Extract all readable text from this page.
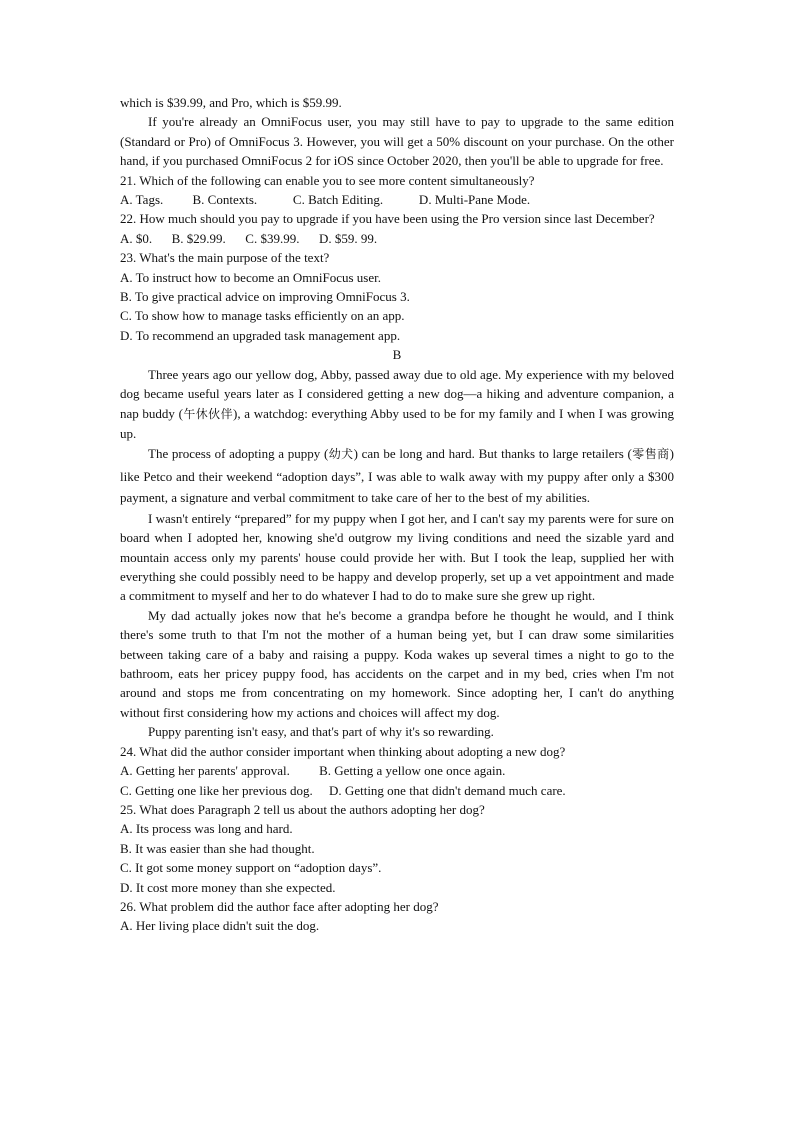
which is $39.99, and Pro, which is $59.99.

If you're already an OmniFocus user, you may still have to pay to upgrade to the same edition (Standard or Pro) of OmniFocus 3. However, you will get a 50% discount on your purchase. On the other hand, if you purchased OmniFocus 2 for iOS since October 2020, then you'll be able to upgrade for free.

21. Which of the following can enable you to see more content simultaneously?

A. Tags.         B. Contexts.           C. Batch Editing.           D. Multi-Pane Mode.

22. How much should you pay to upgrade if you have been using the Pro version since last December?

A. $0.      B. $29.99.      C. $39.99.      D. $59. 99.

23. What's the main purpose of the text?

A. To instruct how to become an OmniFocus user.

B. To give practical advice on improving OmniFocus 3.

C. To show how to manage tasks efficiently on an app.

D. To recommend an upgraded task management app.

B

Three years ago our yellow dog, Abby, passed away due to old age. My experience with my beloved dog became useful years later as I considered getting a new dog—a hiking and adventure companion, a nap buddy (午休伙伴), a watchdog: everything Abby used to be for my family and I when I was growing up.

The process of adopting a puppy (幼犬) can be long and hard. But thanks to large retailers (零售商) like Petco and their weekend “adoption days”, I was able to walk away with my puppy after only a $300 payment, a signature and verbal commitment to take care of her to the best of my abilities.

I wasn't entirely “prepared” for my puppy when I got her, and I can't say my parents were for sure on board when I adopted her, knowing she'd outgrow my living conditions and need the sizable yard and mountain access only my parents' house could provide her with. But I took the leap, supplied her with everything she could possibly need to be happy and develop properly, set up a vet appointment and made a commitment to myself and her to do whatever I had to do to make sure she grew up right.

My dad actually jokes now that he's become a grandpa before he thought he would, and I think there's some truth to that I'm not the mother of a human being yet, but I can draw some similarities between taking care of a baby and raising a puppy. Koda wakes up several times a night to go to the bathroom, eats her pricey puppy food, has accidents on the carpet and in my bed, cries when I'm not around and stops me from concentrating on my homework. Since adopting her, I can't do anything without first considering how my actions and choices will affect my dog.

Puppy parenting isn't easy, and that's part of why it's so rewarding.

24. What did the author consider important when thinking about adopting a new dog?

A. Getting her parents' approval.         B. Getting a yellow one once again.

C. Getting one like her previous dog.     D. Getting one that didn't demand much care.

25. What does Paragraph 2 tell us about the authors adopting her dog?

A. Its process was long and hard.

B. It was easier than she had thought.

C. It got some money support on “adoption days”.

D. It cost more money than she expected.

26. What problem did the author face after adopting her dog?

A. Her living place didn't suit the dog.
